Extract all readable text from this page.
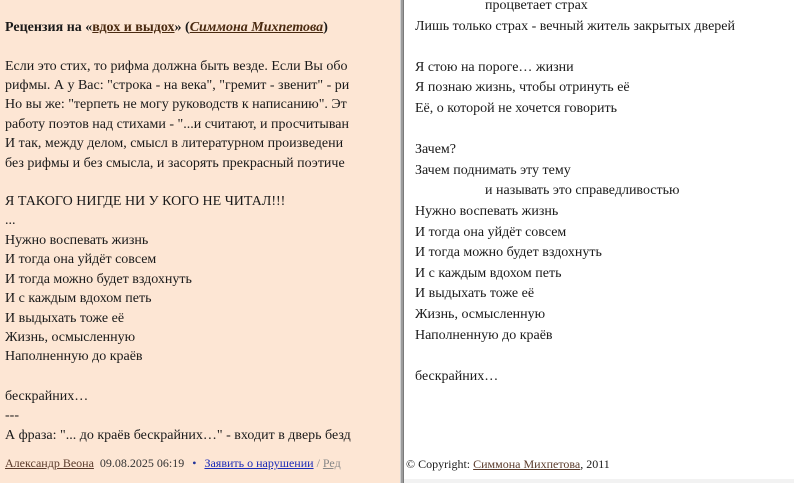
Рецензия на «вдох и выдох» (Симмона Михпетова)
Если это стих, то рифма должна быть везде. Если Вы обо
рифмы. А у Вас: "строка - на века", "гремит - звенит" - ри
Но вы же: "терпеть не могу руководств к написанию". Эт
работу поэтов над стихами - "...и считают, и просчитыван
И так, между делом, смысл в литературном произведени
без рифмы и без смысла, и засорять прекрасный поэтиче
Я ТАКОГО НИГДЕ НИ У КОГО НЕ ЧИТАЛ!!!
...
Нужно воспевать жизнь
И тогда она уйдёт совсем
И тогда можно будет вздохнуть
И с каждым вдохом петь
И выдыхать тоже её
Жизнь, осмысленную
Наполненную до краёв
бескрайних…
---
А фраза: "... до краёв бескрайних…" - входит в дверь безд
Александр Веона 09.08.2025 06:19 • Заявить о нарушении / Ред
процветает страх
Лишь только страх - вечный житель закрытых дверей
Я стою на пороге… жизни
Я познаю жизнь, чтобы отринуть её
Её, о которой не хочется говорить
Зачем?
Зачем поднимать эту тему
и называть это справедливостью
Нужно воспевать жизнь
И тогда она уйдёт совсем
И тогда можно будет вздохнуть
И с каждым вдохом петь
И выдыхать тоже её
Жизнь, осмысленную
Наполненную до краёв
бескрайних…
© Copyright: Симмона Михпетова, 2011
